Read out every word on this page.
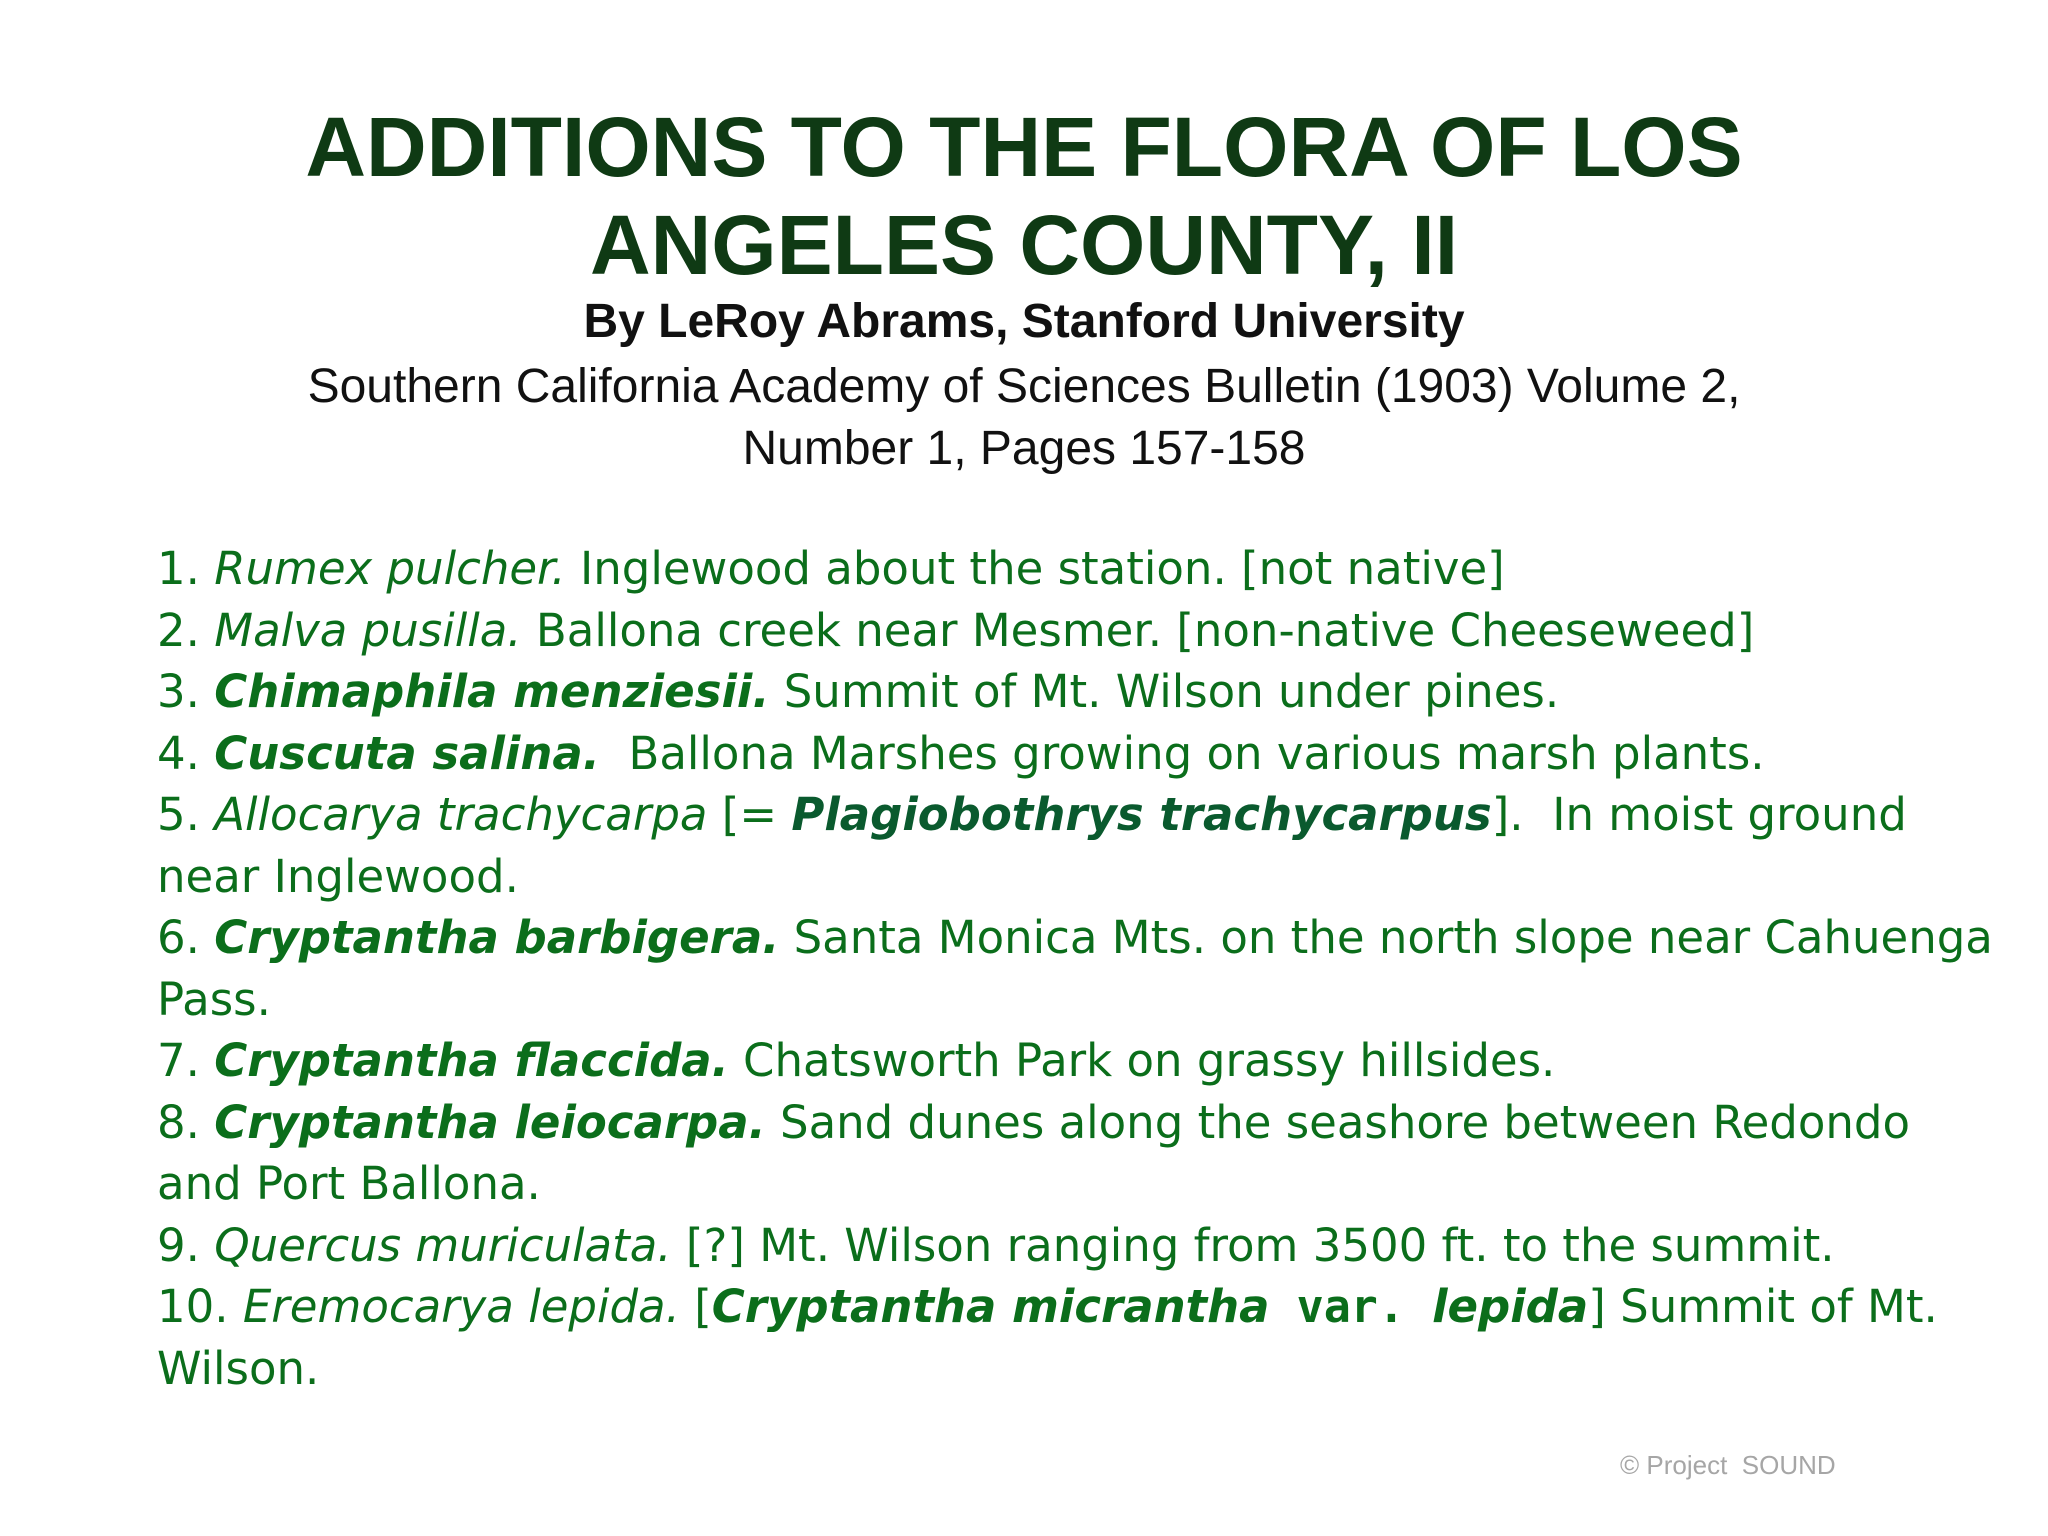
ADDITIONS TO THE FLORA OF LOS
ANGELES COUNTY, II
By LeRoy Abrams, Stanford University
Southern California Academy of Sciences Bulletin (1903) Volume 2,
Number 1, Pages 157-158
1. Rumex pulcher. Inglewood about the station. [not native]
2. Malva pusilla. Ballona creek near Mesmer. [non-native Cheeseweed]
3. Chimaphila menziesii. Summit of Mt. Wilson under pines.
4. Cuscuta salina.  Ballona Marshes growing on various marsh plants.
5. Allocarya trachycarpa [= Plagiobothrys trachycarpus].  In moist ground near Inglewood.
6. Cryptantha barbigera. Santa Monica Mts. on the north slope near Cahuenga Pass.
7. Cryptantha flaccida. Chatsworth Park on grassy hillsides.
8. Cryptantha leiocarpa. Sand dunes along the seashore between Redondo and Port Ballona.
9. Quercus muriculata. [?] Mt. Wilson ranging from 3500 ft. to the summit.
10. Eremocarya lepida. [Cryptantha micrantha var. lepida] Summit of Mt. Wilson.
© Project  SOUND
